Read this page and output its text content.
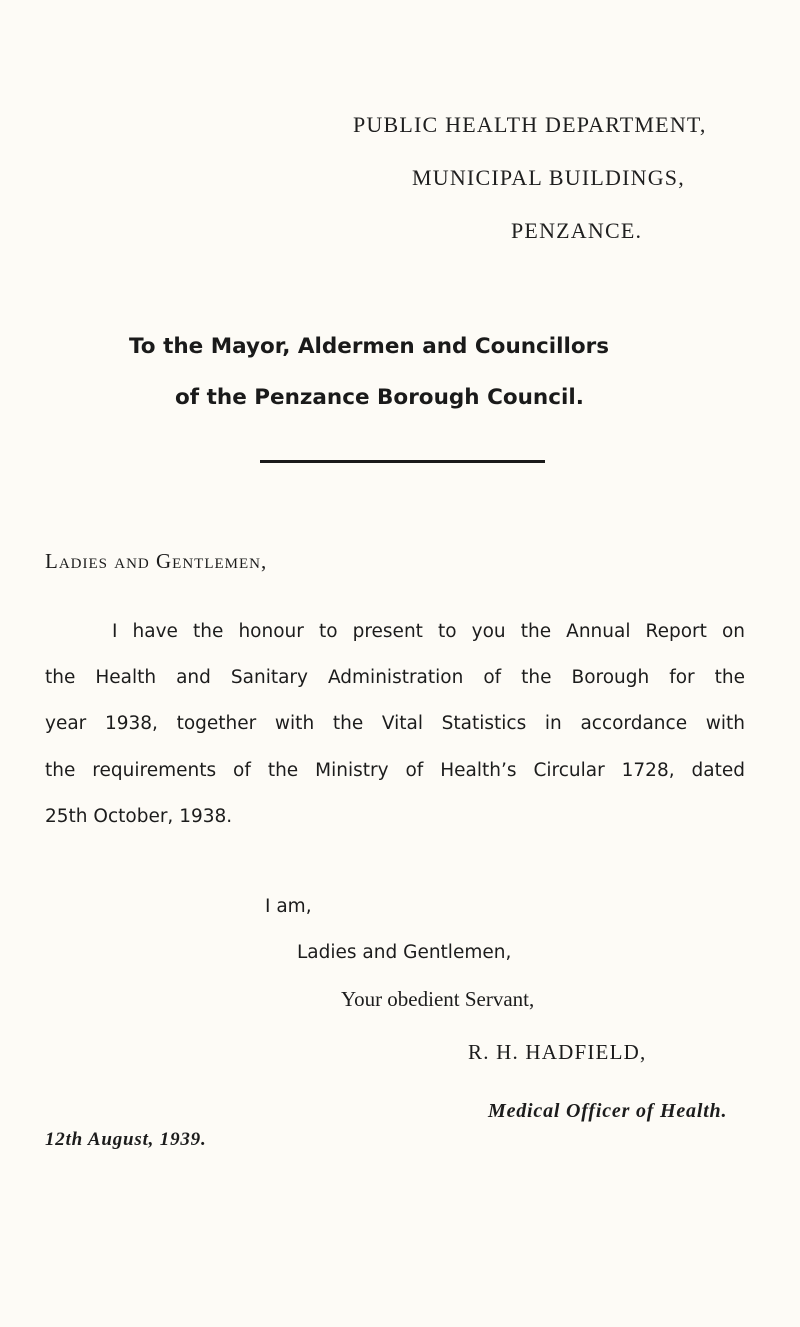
PUBLIC HEALTH DEPARTMENT,
MUNICIPAL BUILDINGS,
PENZANCE.
To the Mayor, Aldermen and Councillors
of the Penzance Borough Council.
Ladies and Gentlemen,
I have the honour to present to you the Annual Report on
the Health and Sanitary Administration of the Borough for the
year 1938, together with the Vital Statistics in accordance with
the requirements of the Ministry of Health’s Circular 1728, dated
25th October, 1938.
I am,
Ladies and Gentlemen,
Your obedient Servant,
R. H. HADFIELD,
Medical Officer of Health.
12th August, 1939.
